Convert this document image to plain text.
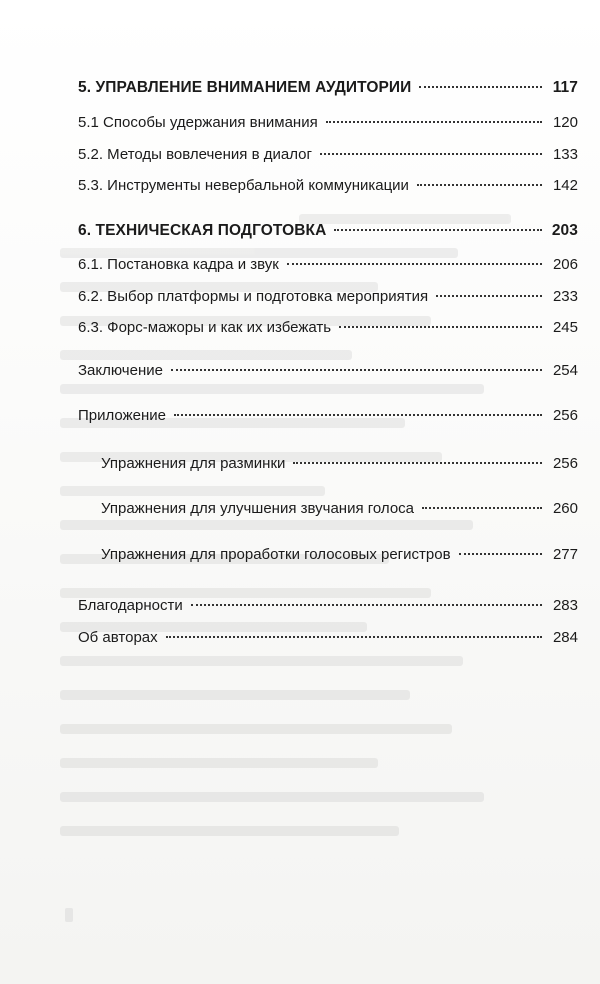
5. УПРАВЛЕНИЕ ВНИМАНИЕМ АУДИТОРИИ	117
5.1 Способы удержания внимания	120
5.2. Методы вовлечения в диалог	133
5.3. Инструменты невербальной коммуникации	142
6. ТЕХНИЧЕСКАЯ ПОДГОТОВКА	203
6.1. Постановка кадра и звук	206
6.2. Выбор платформы и подготовка мероприятия	233
6.3. Форс-мажоры и как их избежать	245
Заключение	254
Приложение	256
Упражнения для разминки	256
Упражнения для улучшения звучания голоса	260
Упражнения для проработки голосовых регистров	277
Благодарности	283
Об авторах	284
